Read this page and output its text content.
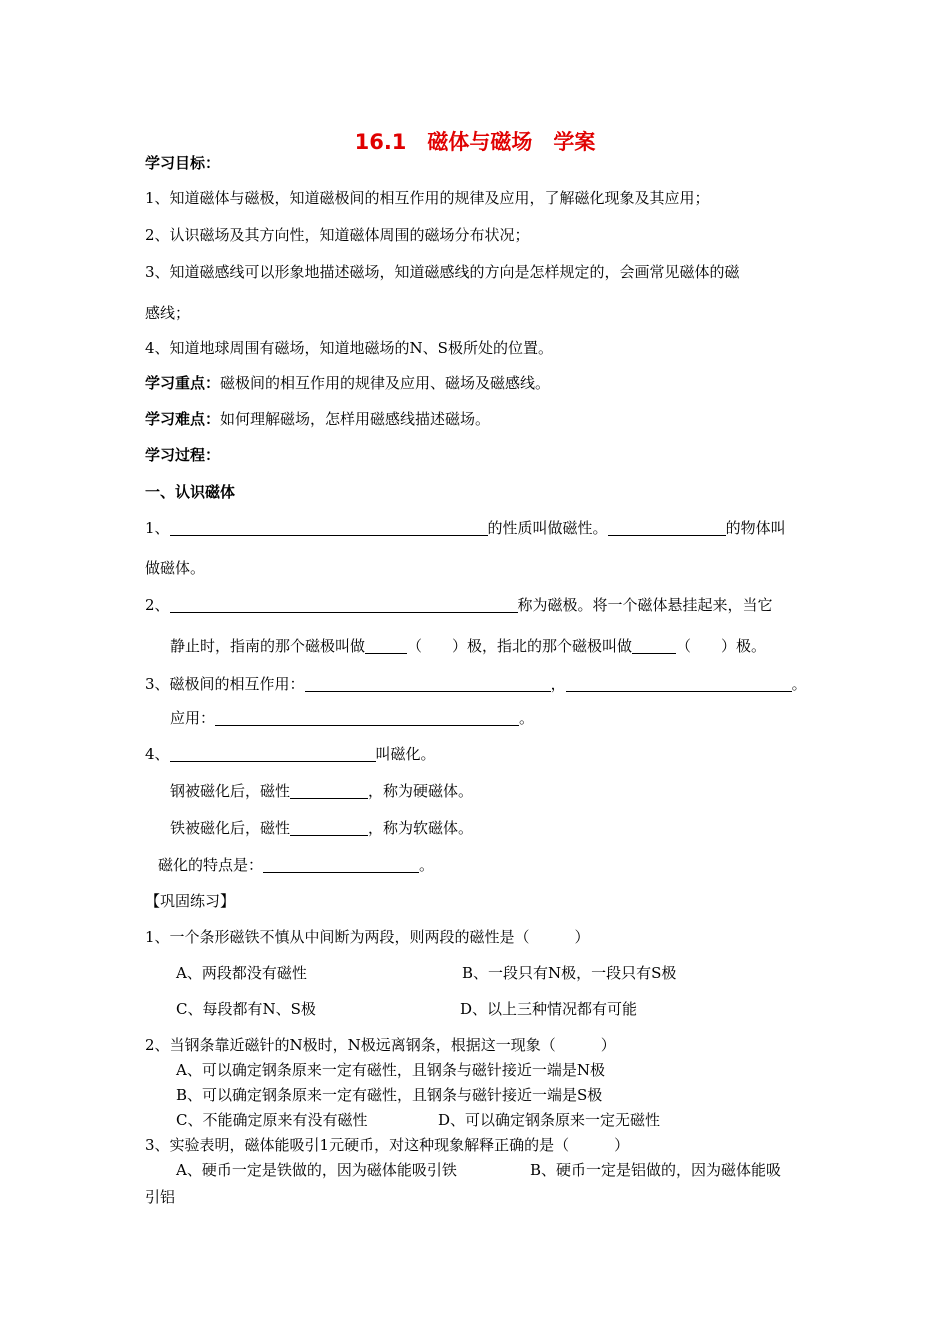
16.1　磁体与磁场　学案
学习目标：
1、知道磁体与磁极，知道磁极间的相互作用的规律及应用，了解磁化现象及其应用；
2、认识磁场及其方向性，知道磁体周围的磁场分布状况；
3、知道磁感线可以形象地描述磁场，知道磁感线的方向是怎样规定的，会画常见磁体的磁
感线；
4、知道地球周围有磁场，知道地磁场的N、S极所处的位置。
学习重点：磁极间的相互作用的规律及应用、磁场及磁感线。
学习难点：如何理解磁场，怎样用磁感线描述磁场。
学习过程：
一、认识磁体
1、	的性质叫做磁性。	的物体叫
做磁体。
2、	称为磁极。将一个磁体悬挂起来，当它
静止时，指南的那个磁极叫做	（　　）极，指北的那个磁极叫做	（　　）极。
3、磁极间的相互作用：	，	。
应用：	。
4、	叫磁化。
钢被磁化后，磁性	，称为硬磁体。
铁被磁化后，磁性	，称为软磁体。
磁化的特点是：	。
【巩固练习】
1、一个条形磁铁不慎从中间断为两段，则两段的磁性是（　　　）
A、两段都没有磁性	B、一段只有N极，一段只有S极
C、每段都有N、S极	D、以上三种情况都有可能
2、当钢条靠近磁针的N极时，N极远离钢条，根据这一现象（　　　）
A、可以确定钢条原来一定有磁性，且钢条与磁针接近一端是N极
B、可以确定钢条原来一定有磁性，且钢条与磁针接近一端是S极
C、不能确定原来有没有磁性	D、可以确定钢条原来一定无磁性
3、实验表明，磁体能吸引1元硬币，对这种现象解释正确的是（　　　）
A、硬币一定是铁做的，因为磁体能吸引铁	B、硬币一定是铝做的，因为磁体能吸
引铝
